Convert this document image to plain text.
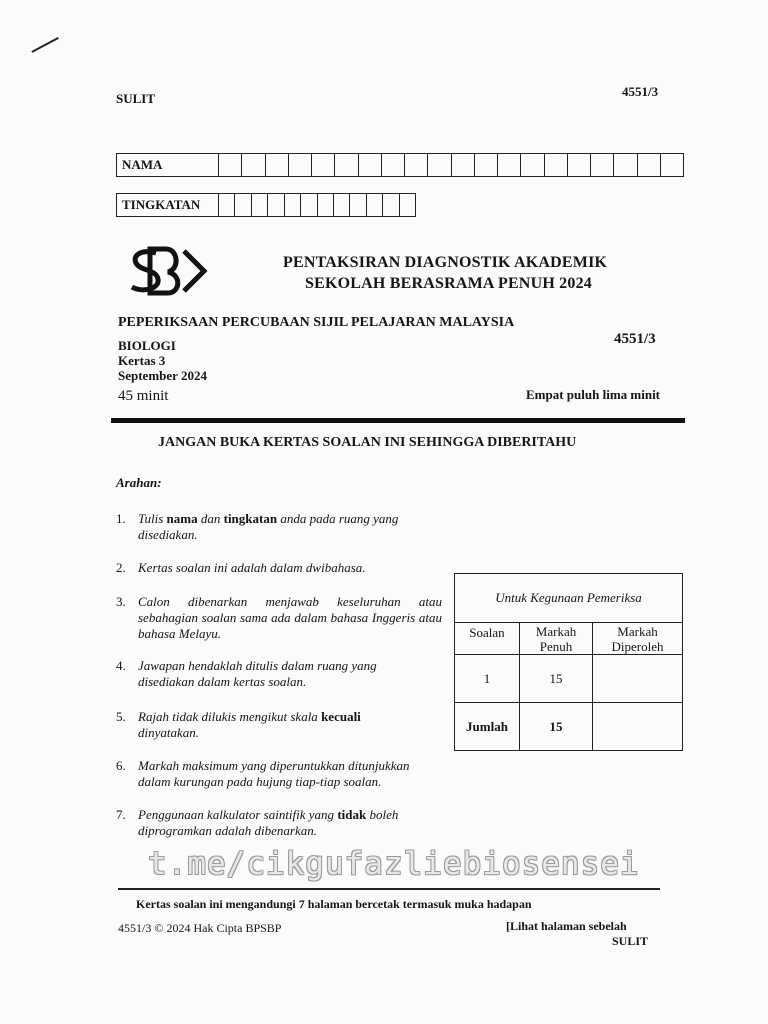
SULIT	4551/3
NAMA
TINGKATAN
PENTAKSIRAN DIAGNOSTIK AKADEMIK
SEKOLAH BERASRAMA PENUH 2024
PEPERIKSAAN PERCUBAAN SIJIL PELAJARAN MALAYSIA
4551/3
BIOLOGI
Kertas 3
September 2024
45 minit	Empat puluh lima minit
JANGAN BUKA KERTAS SOALAN INI SEHINGGA DIBERITAHU
Arahan:
1. Tulis nama dan tingkatan anda pada ruang yang disediakan.
2. Kertas soalan ini adalah dalam dwibahasa.
3. Calon dibenarkan menjawab keseluruhan atau sebahagian soalan sama ada dalam bahasa Inggeris atau bahasa Melayu.
4. Jawapan hendaklah ditulis dalam ruang yang disediakan dalam kertas soalan.
5. Rajah tidak dilukis mengikut skala kecuali dinyatakan.
6. Markah maksimum yang diperuntukkan ditunjukkan dalam kurungan pada hujung tiap-tiap soalan.
7. Penggunaan kalkulator saintifik yang tidak boleh diprogramkan adalah dibenarkan.
Untuk Kegunaan Pemeriksa		
Soalan	Markah Penuh	Markah Diperoleh
1	15	
Jumlah	15	
t.me/cikgufazliebiosensei
Kertas soalan ini mengandungi 7 halaman bercetak termasuk muka hadapan
4551/3 © 2024 Hak Cipta BPSBP	[Lihat halaman sebelah
SULIT
